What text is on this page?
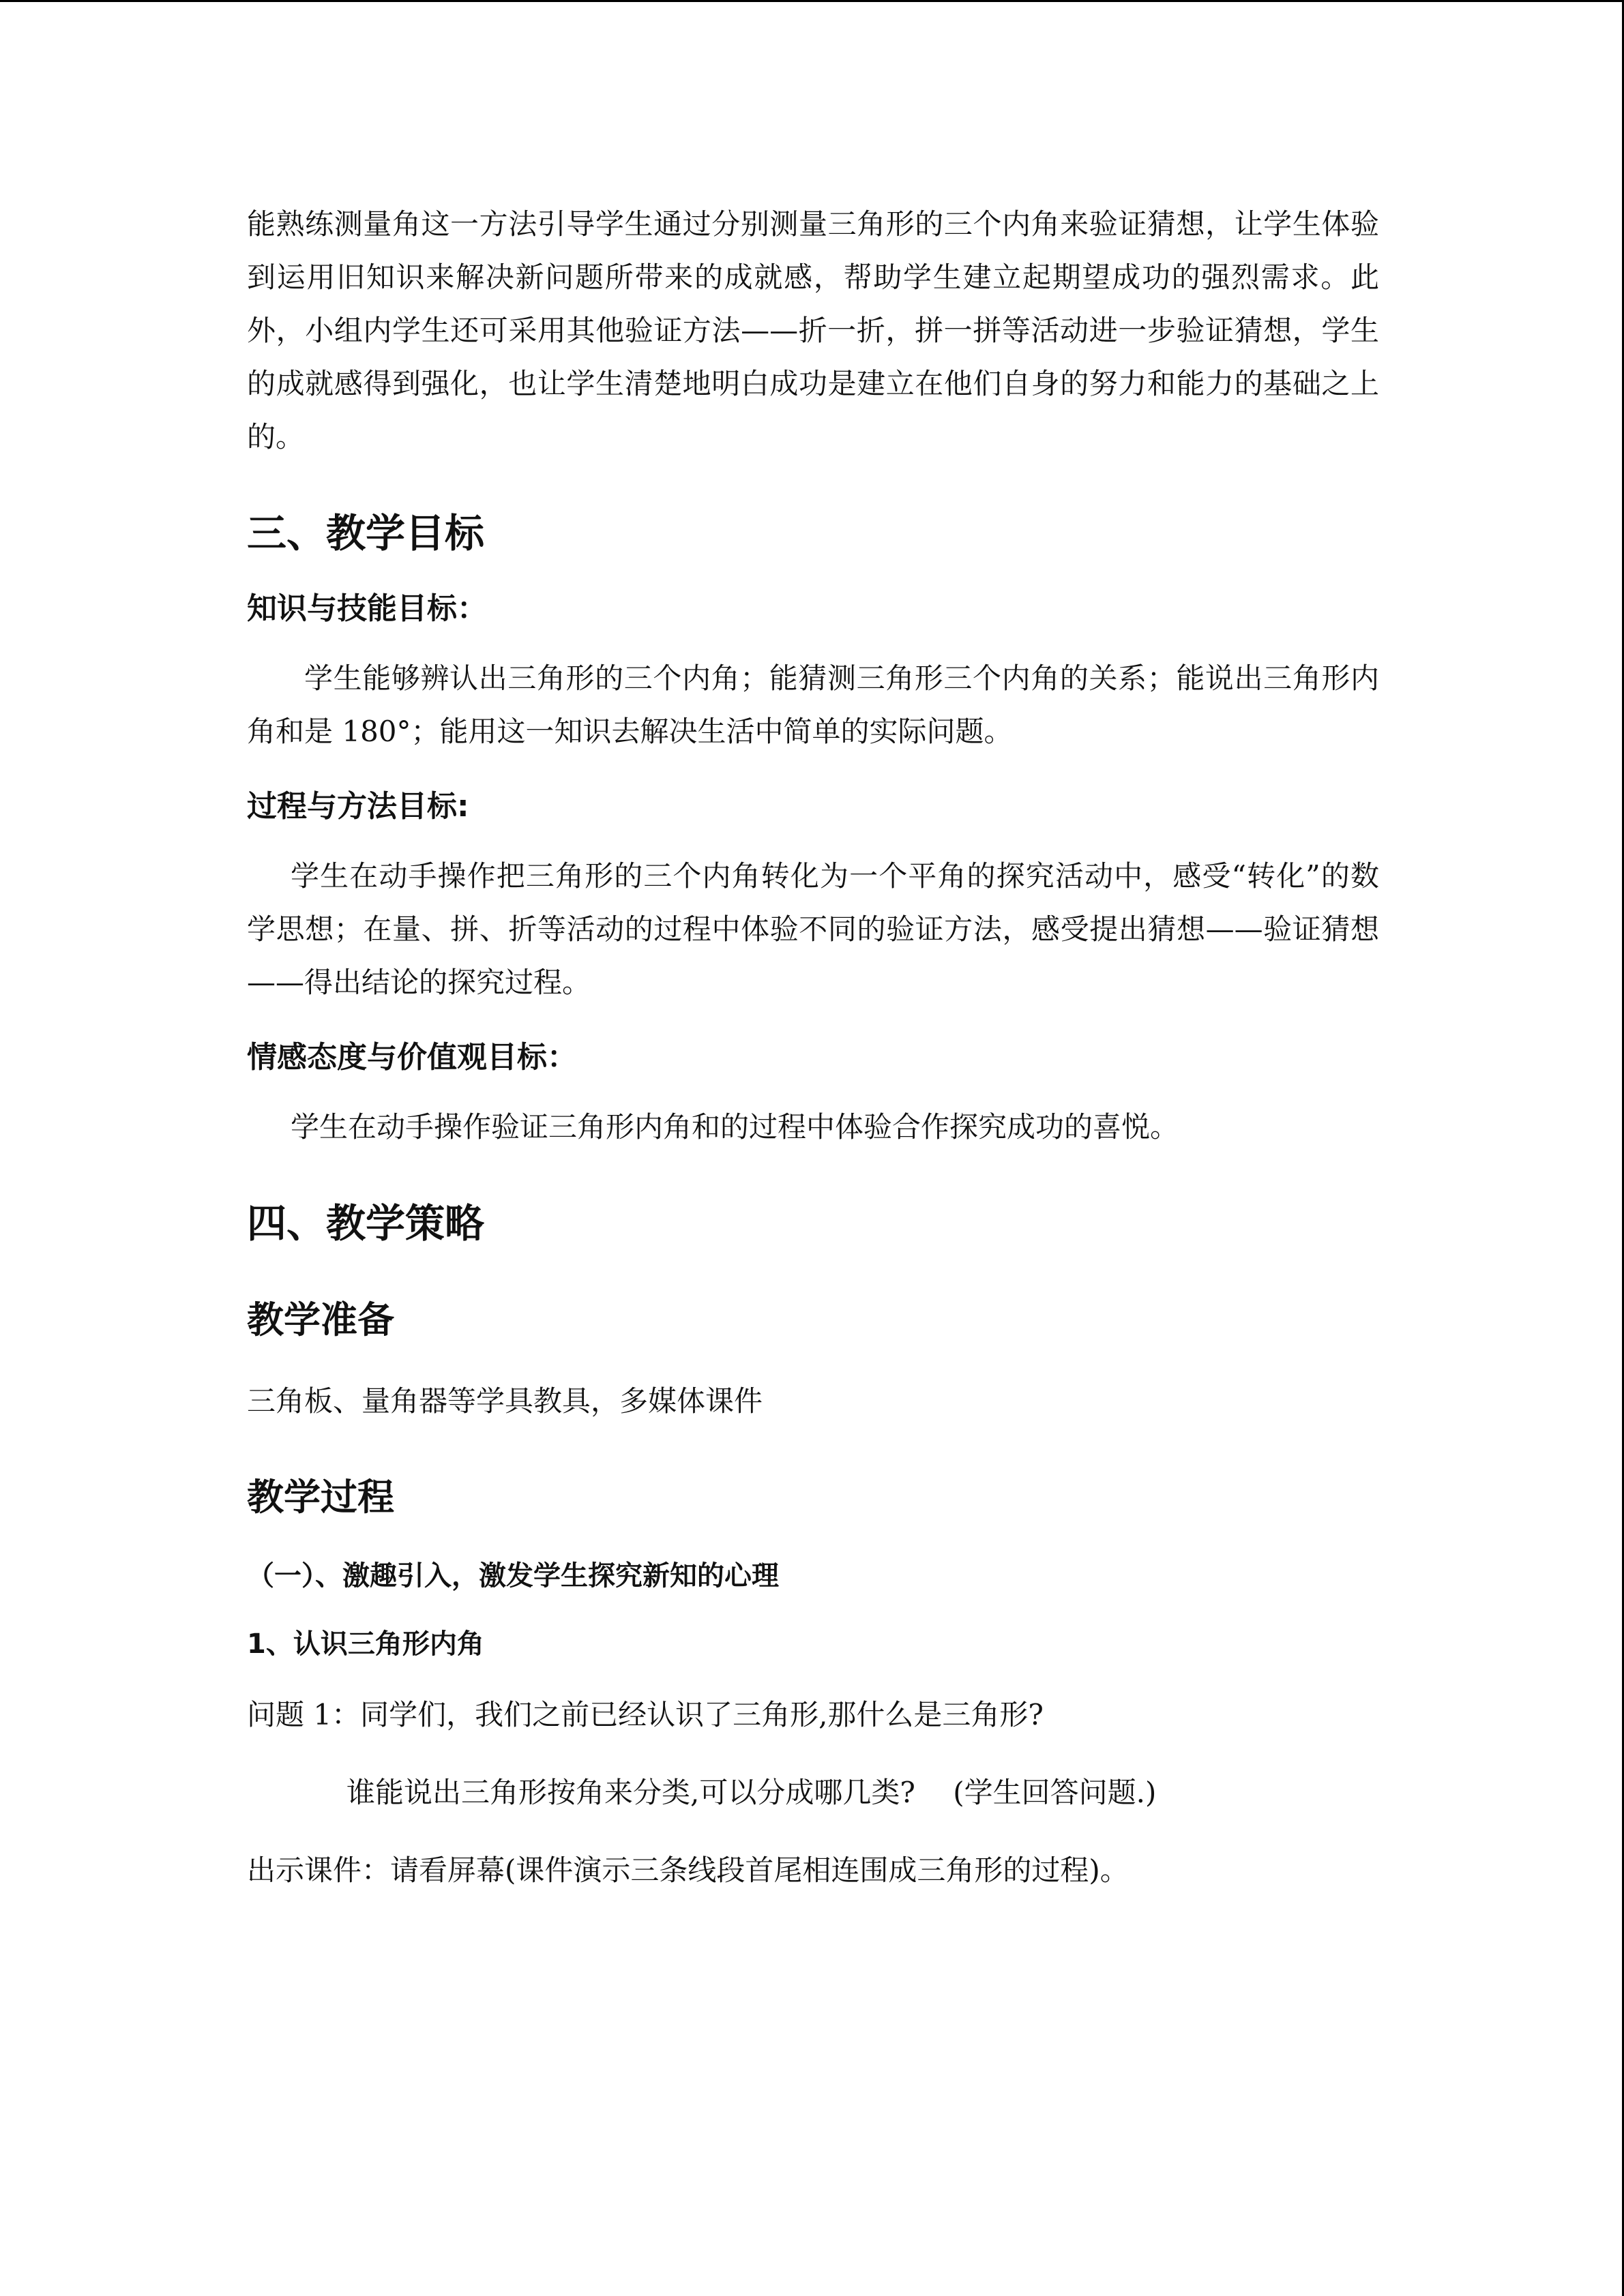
能熟练测量角这一方法引导学生通过分别测量三角形的三个内角来验证猜想，让学生体验到运用旧知识来解决新问题所带来的成就感，帮助学生建立起期望成功的强烈需求。此外，小组内学生还可采用其他验证方法——折一折，拼一拼等活动进一步验证猜想，学生的成就感得到强化，也让学生清楚地明白成功是建立在他们自身的努力和能力的基础之上的。

三、教学目标
知识与技能目标：

学生能够辨认出三角形的三个内角；能猜测三角形三个内角的关系；能说出三角形内角和是 180°；能用这一知识去解决生活中简单的实际问题。

过程与方法目标:

学生在动手操作把三角形的三个内角转化为一个平角的探究活动中，感受“转化”的数学思想；在量、拼、折等活动的过程中体验不同的验证方法，感受提出猜想——验证猜想——得出结论的探究过程。

情感态度与价值观目标：

学生在动手操作验证三角形内角和的过程中体验合作探究成功的喜悦。

四、教学策略
教学准备

三角板、量角器等学具教具，多媒体课件

教学过程
（一）、激趣引入，激发学生探究新知的心理
1、认识三角形内角

问题 1：同学们，我们之前已经认识了三角形,那什么是三角形?

谁能说出三角形按角来分类,可以分成哪几类?　 (学生回答问题.)

出示课件：请看屏幕(课件演示三条线段首尾相连围成三角形的过程)。
